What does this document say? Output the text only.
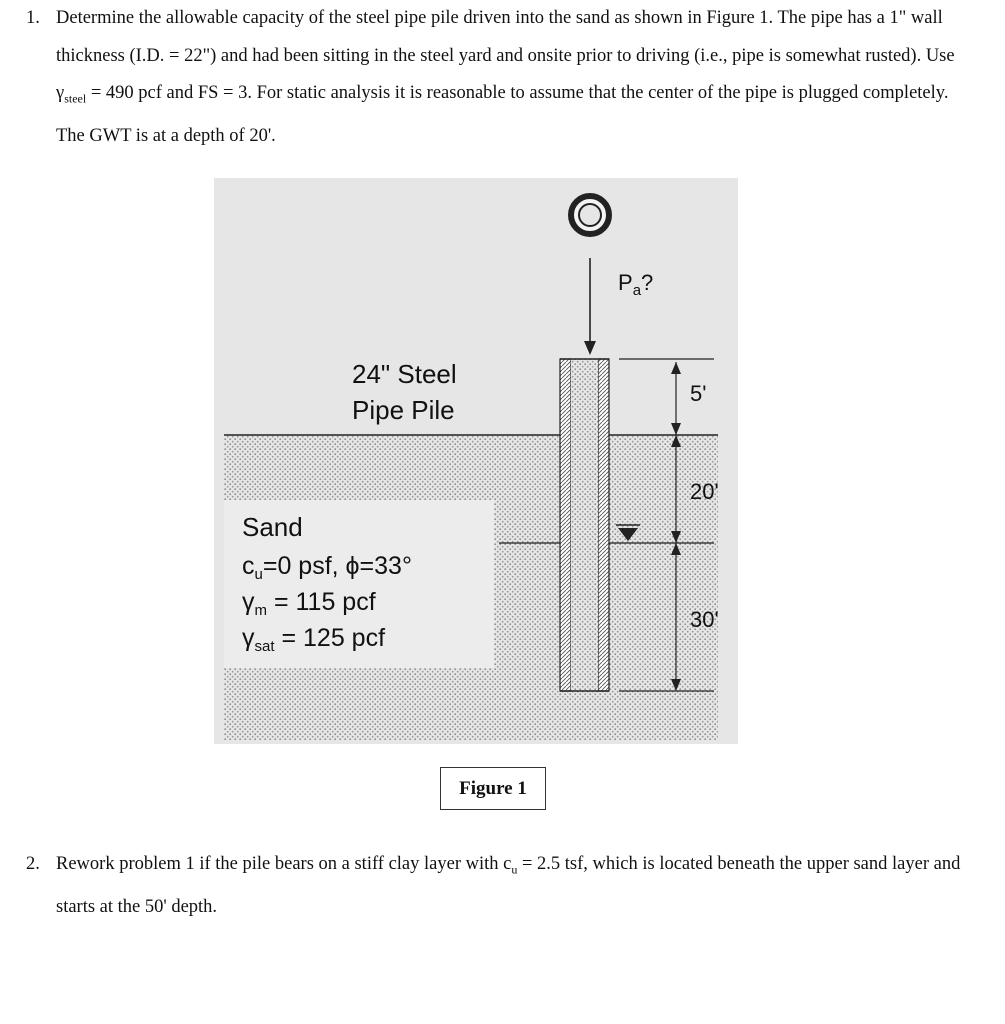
1. Determine the allowable capacity of the steel pipe pile driven into the sand as shown in Figure 1. The pipe has a 1" wall thickness (I.D. = 22") and had been sitting in the steel yard and onsite prior to driving (i.e., pipe is somewhat rusted). Use $\gamma_{steel} = 490$ pcf and FS = 3. For static analysis it is reasonable to assume that the center of the pipe is plugged completely. The GWT is at a depth of 20'.
$P_a$?
24" Steel
Pipe Pile
Sand
$c_u=0$ psf, ϕ=33°
$\gamma_m = 115$ pcf
$\gamma_{sat} = 125$ pcf
5'
20'
30'
Figure 1
2. Rework problem 1 if the pile bears on a stiff clay layer with $c_u = 2.5$ tsf, which is located beneath the upper sand layer and starts at the 50' depth.
